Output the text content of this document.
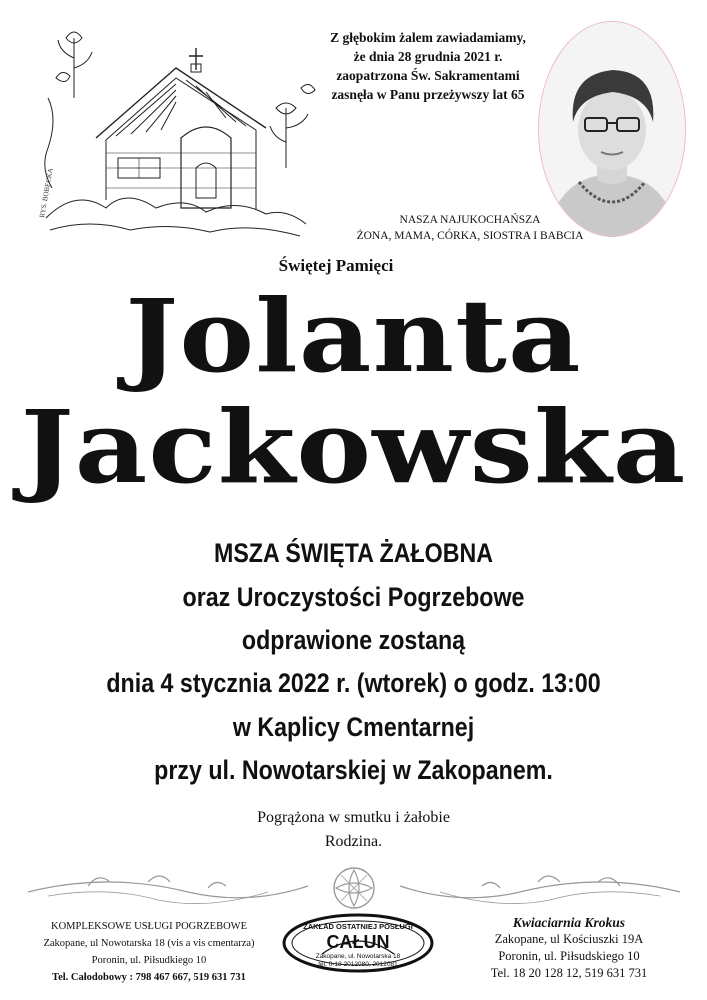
RYS. BOBECKA
Z głębokim żalem zawiadamiamy,
że dnia 28 grudnia 2021 r.
zaopatrzona Św. Sakramentami
zasnęła w Panu przeżywszy lat 65
NASZA NAJUKOCHAŃSZA
ŻONA, MAMA, CÓRKA, SIOSTRA I BABCIA
Świętej Pamięci
Jolanta
Jackowska
MSZA ŚWIĘTA ŻAŁOBNA
oraz Uroczystości Pogrzebowe
odprawione zostaną
dnia 4 stycznia 2022 r. (wtorek) o godz. 13:00
w Kaplicy Cmentarnej
przy ul. Nowotarskiej w Zakopanem.
Pogrążona w smutku i żałobie
Rodzina.
KOMPLEKSOWE USŁUGI POGRZEBOWE
Zakopane, ul Nowotarska 18 (vis a vis cmentarza)
Poronin, ul. Piłsudkiego 10
Tel. Całodobowy : 798 467 667, 519 631 731
ZAKŁAD OSTATNIEJ POSŁUGI
CAŁUN
Zakopane, ul. Nowotarska 18
tel. 0-18 2012080, 2012081
Kwiaciarnia Krokus
Zakopane, ul Kościuszki 19A
Poronin, ul. Piłsudskiego 10
Tel. 18 20 128 12, 519 631 731
